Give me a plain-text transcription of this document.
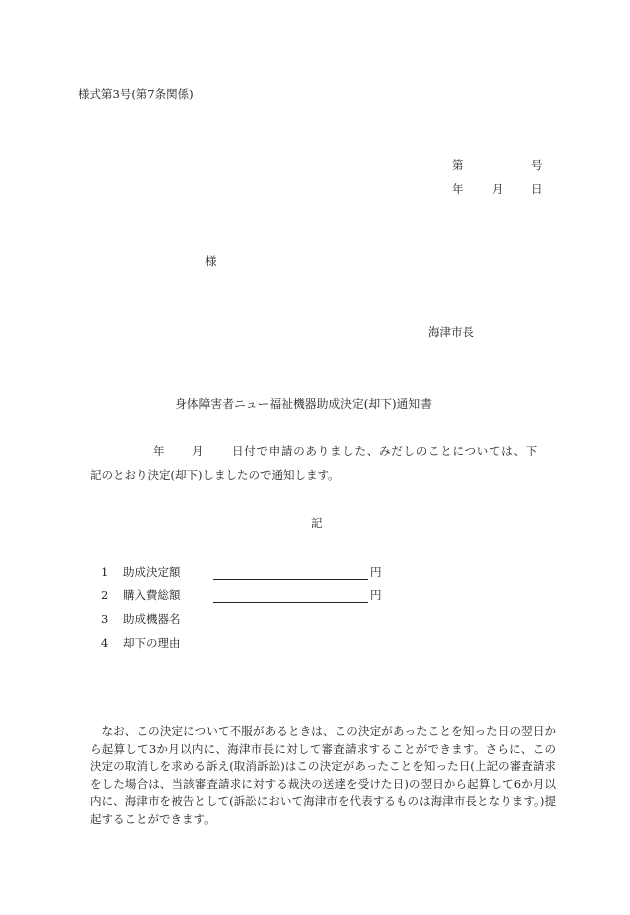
様式第3号(第7条関係)
第	号
年 月 日
様
海津市長
身体障害者ニュー福祉機器助成決定(却下)通知書
年 月 日付で申請のありました、みだしのことについては、下
記のとおり決定(却下)しましたので通知します。
記
1 助成決定額	円
2 購入費総額	円
3 助成機器名
4 却下の理由
なお、この決定について不服があるときは、この決定があったことを知った日の翌日から起算して3か月以内に、海津市長に対して審査請求することができます。さらに、この決定の取消しを求める訴え(取消訴訟)はこの決定があったことを知った日(上記の審査請求をした場合は、当該審査請求に対する裁決の送達を受けた日)の翌日から起算して6か月以内に、海津市を被告として(訴訟において海津市を代表するものは海津市長となります。)提起することができます。
